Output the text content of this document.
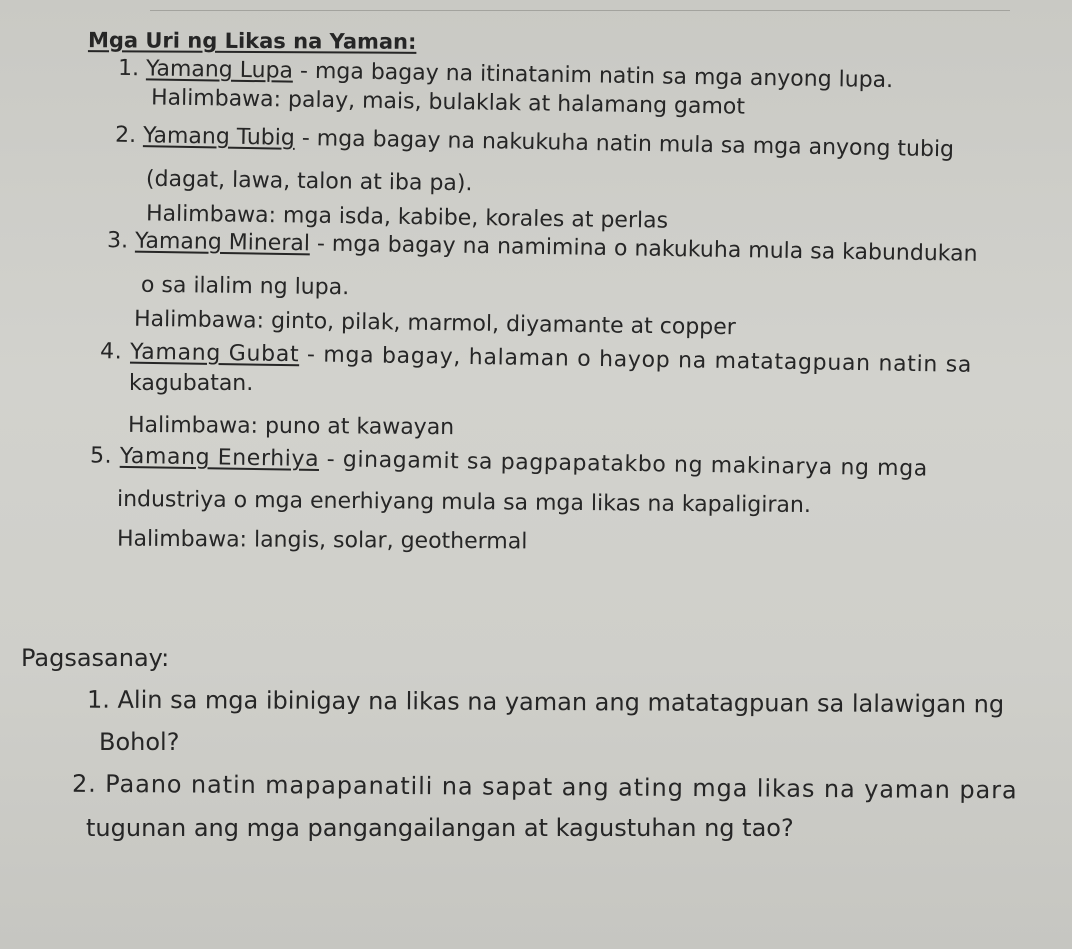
Mga Uri ng Likas na Yaman:
1. Yamang Lupa - mga bagay na itinatanim natin sa mga anyong lupa.
Halimbawa: palay, mais, bulaklak at halamang gamot
2. Yamang Tubig - mga bagay na nakukuha natin mula sa mga anyong tubig
(dagat, lawa, talon at iba pa).
Halimbawa: mga isda, kabibe, korales at perlas
3. Yamang Mineral - mga bagay na namimina o nakukuha mula sa kabundukan
o sa ilalim ng lupa.
Halimbawa: ginto, pilak, marmol, diyamante at copper
4. Yamang Gubat - mga bagay, halaman o hayop na matatagpuan natin sa
kagubatan.
Halimbawa: puno at kawayan
5. Yamang Enerhiya - ginagamit sa pagpapatakbo ng makinarya ng mga
industriya o mga enerhiyang mula sa mga likas na kapaligiran.
Halimbawa: langis, solar, geothermal
Pagsasanay:
1. Alin sa mga ibinigay na likas na yaman ang matatagpuan sa lalawigan ng
Bohol?
2. Paano natin mapapanatili na sapat ang ating mga likas na yaman para
tugunan ang mga pangangailangan at kagustuhan ng tao?
